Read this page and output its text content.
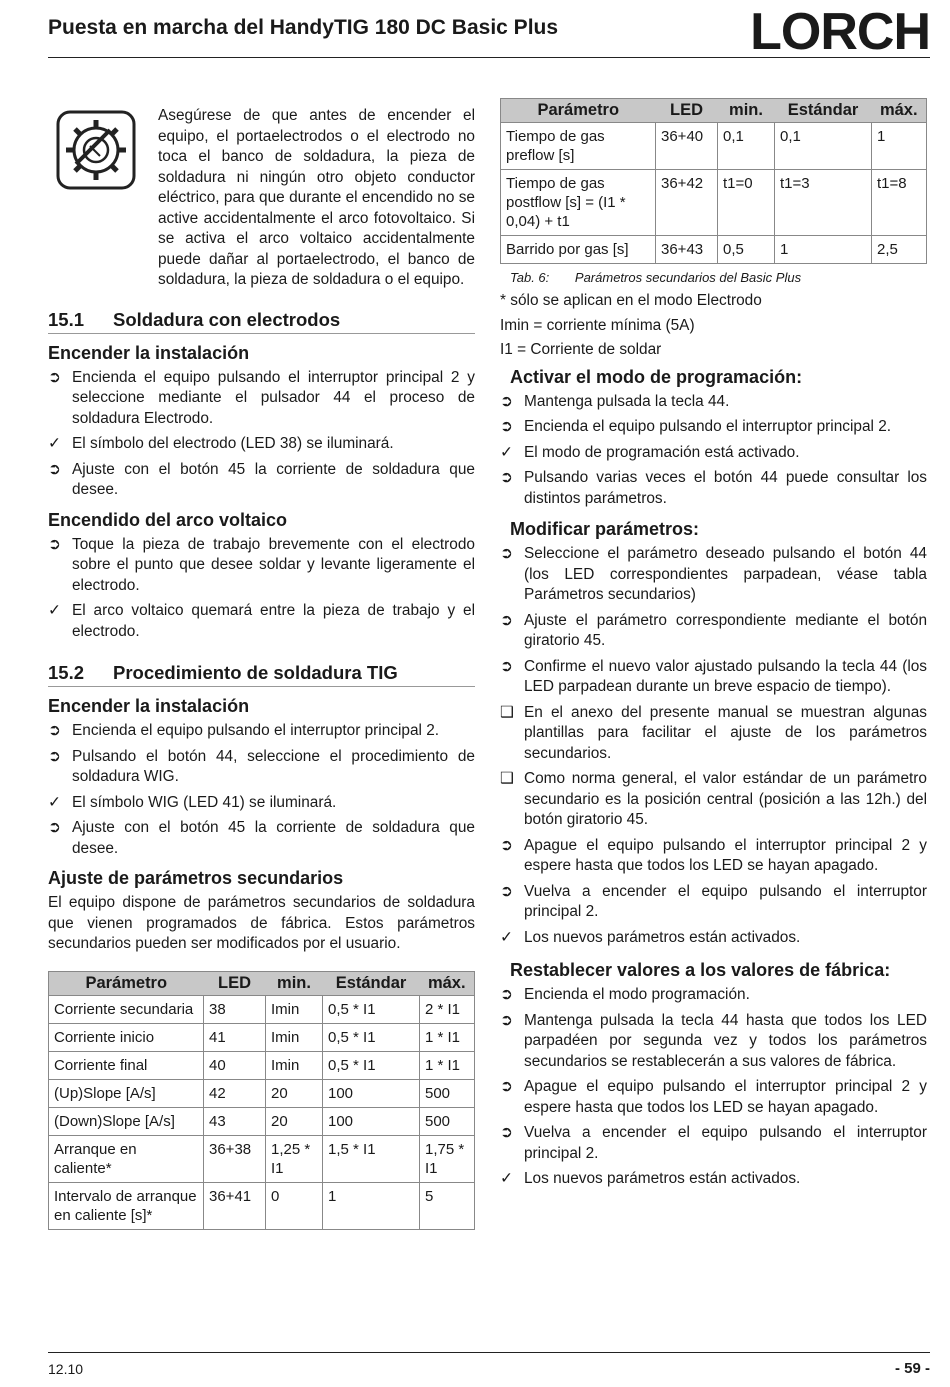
Puesta en marcha del HandyTIG 180 DC Basic Plus	LORCH

Asegúrese de que antes de encender el equipo, el portaelectrodos o el electrodo no toca el banco de soldadura, la pieza de soldadura ni ningún otro objeto conductor eléctrico, para que durante el encendido no se active accidentalmente el arco fotovoltaico. Si se activa el arco voltaico accidentalmente puede dañar al portaelectrodo, el banco de soldadura, la pieza de soldadura o el equipo.

15.1	Soldadura con electrodos
Encender la instalación
➲ Encienda el equipo pulsando el interruptor principal 2 y seleccione mediante el pulsador 44 el proceso de soldadura Electrodo.
✓ El símbolo del electrodo (LED 38) se iluminará.
➲ Ajuste con el botón 45 la corriente de soldadura que desee.
Encendido del arco voltaico
➲ Toque la pieza de trabajo brevemente con el electrodo sobre el punto que desee soldar y levante ligeramente el electrodo.
✓ El arco voltaico quemará entre la pieza de trabajo y el electrodo.
15.2	Procedimiento de soldadura TIG
Encender la instalación
➲ Encienda el equipo pulsando el interruptor principal 2.
➲ Pulsando el botón 44, seleccione el procedimiento de soldadura WIG.
✓ El símbolo WIG (LED 41) se iluminará.
➲ Ajuste con el botón 45 la corriente de soldadura que desee.
Ajuste de parámetros secundarios

El equipo dispone de parámetros secundarios de soldadura que vienen programados de fábrica. Estos parámetros secundarios pueden ser modificados por el usuario.

Parámetro	LED	min.	Estándar	máx.
Corriente secundaria	38	Imin	0,5 * I1	2 * I1
Corriente inicio	41	Imin	0,5 * I1	1 * I1
Corriente final	40	Imin	0,5 * I1	1 * I1
(Up)Slope [A/s]	42	20	100	500
(Down)Slope [A/s]	43	20	100	500
Arranque en caliente*	36+38	1,25 * I1	1,5 * I1	1,75 * I1
Intervalo de arranque en caliente [s]*	36+41	0	1	5
Parámetro	LED	min.	Estándar	máx.
Tiempo de gas preflow [s]	36+40	0,1	0,1	1
Tiempo de gas postflow [s] = (I1 * 0,04) + t1	36+42	t1=0	t1=3	t1=8
Barrido por gas [s]	36+43	0,5	1	2,5
Tab. 6: Parámetros secundarios del Basic Plus

* sólo se aplican en el modo Electrodo

Imin = corriente mínima (5A)

I1 = Corriente de soldar

Activar el modo de programación:
➲ Mantenga pulsada la tecla 44.
➲ Encienda el equipo pulsando el interruptor principal 2.
✓ El modo de programación está activado.
➲ Pulsando varias veces el botón 44 puede consultar los distintos parámetros.
Modificar parámetros:
➲ Seleccione el parámetro deseado pulsando el botón 44 (los LED correspondientes parpadean, véase tabla Parámetros secundarios)
➲ Ajuste el parámetro correspondiente mediante el botón giratorio 45.
➲ Confirme el nuevo valor ajustado pulsando la tecla 44 (los LED parpadean durante un breve espacio de tiempo).
❑ En el anexo del presente manual se muestran algunas plantillas para facilitar el ajuste de los parámetros secundarios.
❑ Como norma general, el valor estándar de un parámetro secundario es la posición central (posición a las 12h.) del botón giratorio 45.
➲ Apague el equipo pulsando el interruptor principal 2 y espere hasta que todos los LED se hayan apagado.
➲ Vuelva a encender el equipo pulsando el interruptor principal 2.
✓ Los nuevos parámetros están activados.
Restablecer valores a los valores de fábrica:
➲ Encienda el modo programación.
➲ Mantenga pulsada la tecla 44 hasta que todos los LED parpadéen por segunda vez y todos los parámetros secundarios se restablecerán a sus valores de fábrica.
➲ Apague el equipo pulsando el interruptor principal 2 y espere hasta que todos los LED se hayan apagado.
➲ Vuelva a encender el equipo pulsando el interruptor principal 2.
✓ Los nuevos parámetros están activados.
12.10	- 59 -
